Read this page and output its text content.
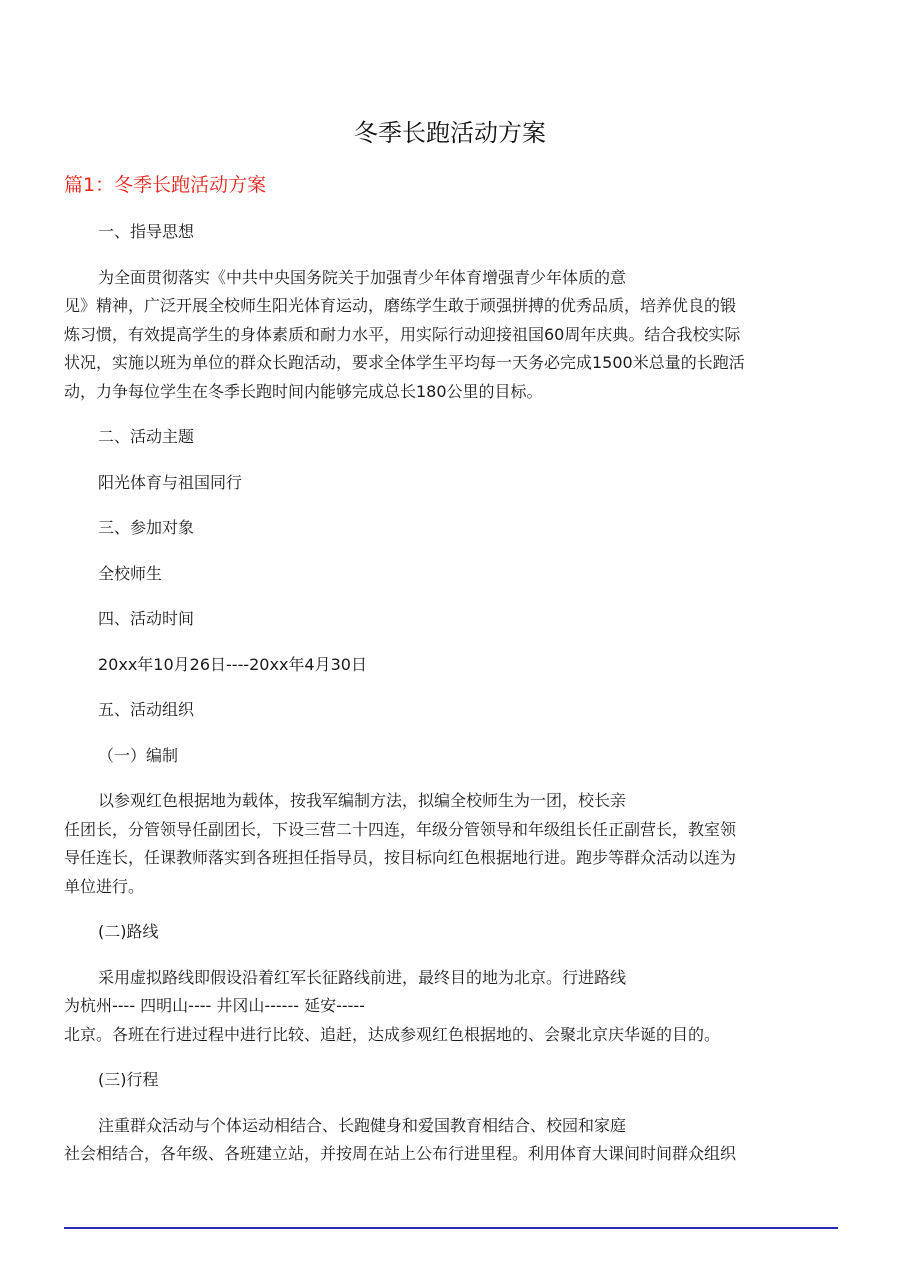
冬季长跑活动方案
篇1：冬季长跑活动方案

一、指导思想

为全面贯彻落实《中共中央国务院关于加强青少年体育增强青少年体质的意
见》精神，广泛开展全校师生阳光体育运动，磨练学生敢于顽强拼搏的优秀品质，培养优良的锻
炼习惯，有效提高学生的身体素质和耐力水平，用实际行动迎接祖国60周年庆典。结合我校实际
状况，实施以班为单位的群众长跑活动，要求全体学生平均每一天务必完成1500米总量的长跑活
动，力争每位学生在冬季长跑时间内能够完成总长180公里的目标。

二、活动主题

阳光体育与祖国同行

三、参加对象

全校师生

四、活动时间

20xx年10月26日----20xx年4月30日

五、活动组织

（一）编制

以参观红色根据地为载体，按我军编制方法，拟编全校师生为一团，校长亲
任团长，分管领导任副团长，下设三营二十四连，年级分管领导和年级组长任正副营长，教室领
导任连长，任课教师落实到各班担任指导员，按目标向红色根据地行进。跑步等群众活动以连为
单位进行。

(二)路线

采用虚拟路线即假设沿着红军长征路线前进，最终目的地为北京。行进路线
为杭州---- 四明山---- 井冈山------ 延安-----
北京。各班在行进过程中进行比较、追赶，达成参观红色根据地的、会聚北京庆华诞的目的。

(三)行程

注重群众活动与个体运动相结合、长跑健身和爱国教育相结合、校园和家庭
社会相结合，各年级、各班建立站，并按周在站上公布行进里程。利用体育大课间时间群众组织
